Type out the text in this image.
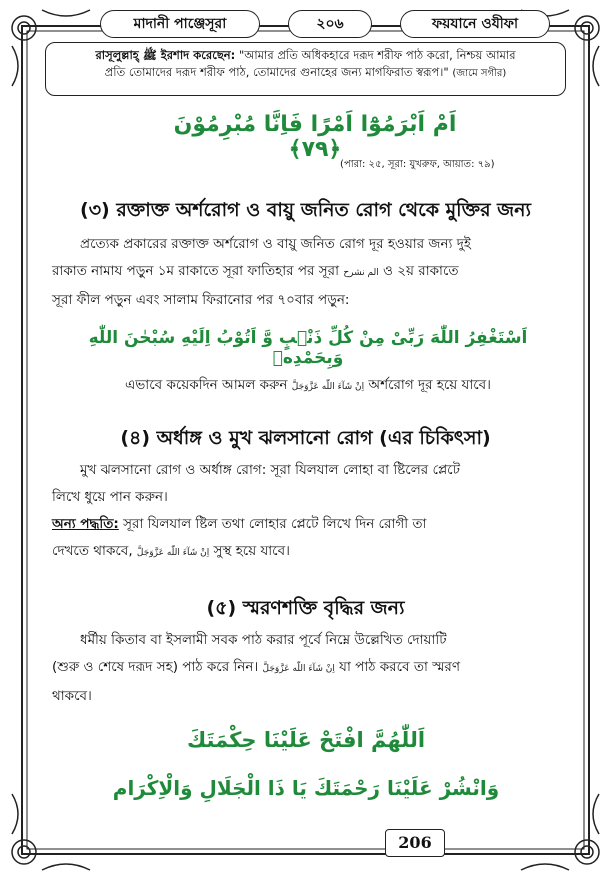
মাদানী পাঞ্জেসূরা	২০৬	ফয়যানে ওযীফা
রাসূলুল্লাহ্ ﷺ ইরশাদ করেছেন: "আমার প্রতি অধিকহারে দরূদ শরীফ পাঠ করো, নিশ্চয় আমার
প্রতি তোমাদের দরূদ শরীফ পাঠ, তোমাদের গুনাহের জন্য মাগফিরাত স্বরূপ।" (জামে সগীর)
اَمْ اَبْرَمُوْٓا اَمْرًا فَاِنَّا مُبْرِمُوْنَ ﴿۷۹﴾
(পারা: ২৫, সূরা: যুখরুফ, আয়াত: ৭৯)
(৩) রক্তাক্ত অর্শরোগ ও বায়ু জনিত রোগ থেকে মুক্তির জন্য
প্রত্যেক প্রকারের রক্তাক্ত অর্শরোগ ও বায়ু জনিত রোগ দূর হওয়ার জন্য দুই
রাকাত নামায পড়ুন ১ম রাকাতে সূরা ফাতিহার পর সূরা الم نشرح ও ২য় রাকাতে
সূরা ফীল পড়ুন এবং সালাম ফিরানোর পর ৭০বার পড়ুন:
اَسْتَغْفِرُ اللّٰهَ رَبِّیْ مِنْ كُلِّ ذَنْۢبٍ وَّ اَتُوْبُ اِلَیْهِ سُبْحٰنَ اللّٰهِ وَبِحَمْدِهٖ
এভাবে কয়েকদিন আমল করুন اِنْ شَآءَ اللّٰه عَزَّوَجَلَّ অর্শরোগ দূর হয়ে যাবে।
(৪) অর্ধাঙ্গ ও মুখ ঝলসানো রোগ (এর চিকিৎসা)
মুখ ঝলসানো রোগ ও অর্ধাঙ্গ রোগ: সূরা যিলযাল লোহা বা ষ্টিলের প্লেটে
লিখে ধুয়ে পান করুন।
অন্য পদ্ধতি: সূরা যিলযাল ষ্টিল তথা লোহার প্লেটে লিখে দিন রোগী তা
দেখতে থাকবে, اِنْ شَآءَ اللّٰه عَزَّوَجَلَّ সুস্থ হয়ে যাবে।
(৫) স্মরণশক্তি বৃদ্ধির জন্য
ধর্মীয় কিতাব বা ইসলামী সবক পাঠ করার পূর্বে নিম্নে উল্লেখিত দোয়াটি
(শুরু ও শেষে দরূদ সহ) পাঠ করে নিন। اِنْ شَآءَ اللّٰه عَزَّوَجَلَّ যা পাঠ করবে তা স্মরণ
থাকবে।
اَللّٰهُمَّ افْتَحْ عَلَیْنَا حِكْمَتَكَ
وَانْشُرْ عَلَیْنَا رَحْمَتَكَ یَا ذَا الْجَلَالِ وَالْاِكْرَام
206
